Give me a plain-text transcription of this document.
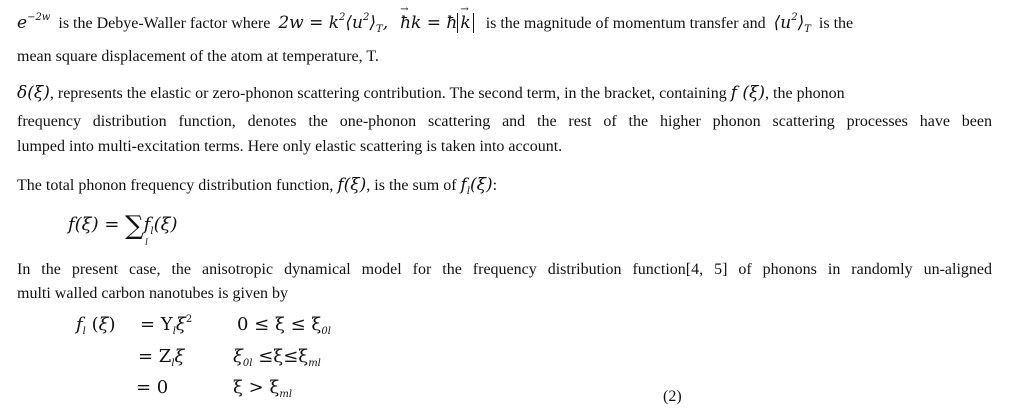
$e^{-2w}$ is the Debye-Waller factor where $2w = k^2⟨u^2⟩_T$, → ħk = ħ → k is the magnitude of momentum transfer and $⟨u^2⟩_T$ is the
mean square displacement of the atom at temperature, T.
δ(ξ), represents the elastic or zero-phonon scattering contribution. The second term, in the bracket, containing f (ξ), the phonon
frequency distribution function, denotes the one-phonon scattering and the rest of the higher phonon scattering processes have been
lumped into multi-excitation terms. Here only elastic scattering is taken into account.
The total phonon frequency distribution function, f(ξ), is the sum of $f_l(\xi)$:
$f(\xi) = \sum f_l(\xi)$
l
In the present case, the anisotropic dynamical model for the frequency distribution function[4, 5] of phonons in randomly un-aligned
multi walled carbon nanotubes is given by
$f_l$ $(\xi) = Y_l\xi^2$ $0 \le \xi \le \xi_{0l}$
= $Z_l\xi$	$\xi_{0l} \le\xi\le\xi_{ml}$
= 0	$\xi > \xi_{ml}$	(2)
